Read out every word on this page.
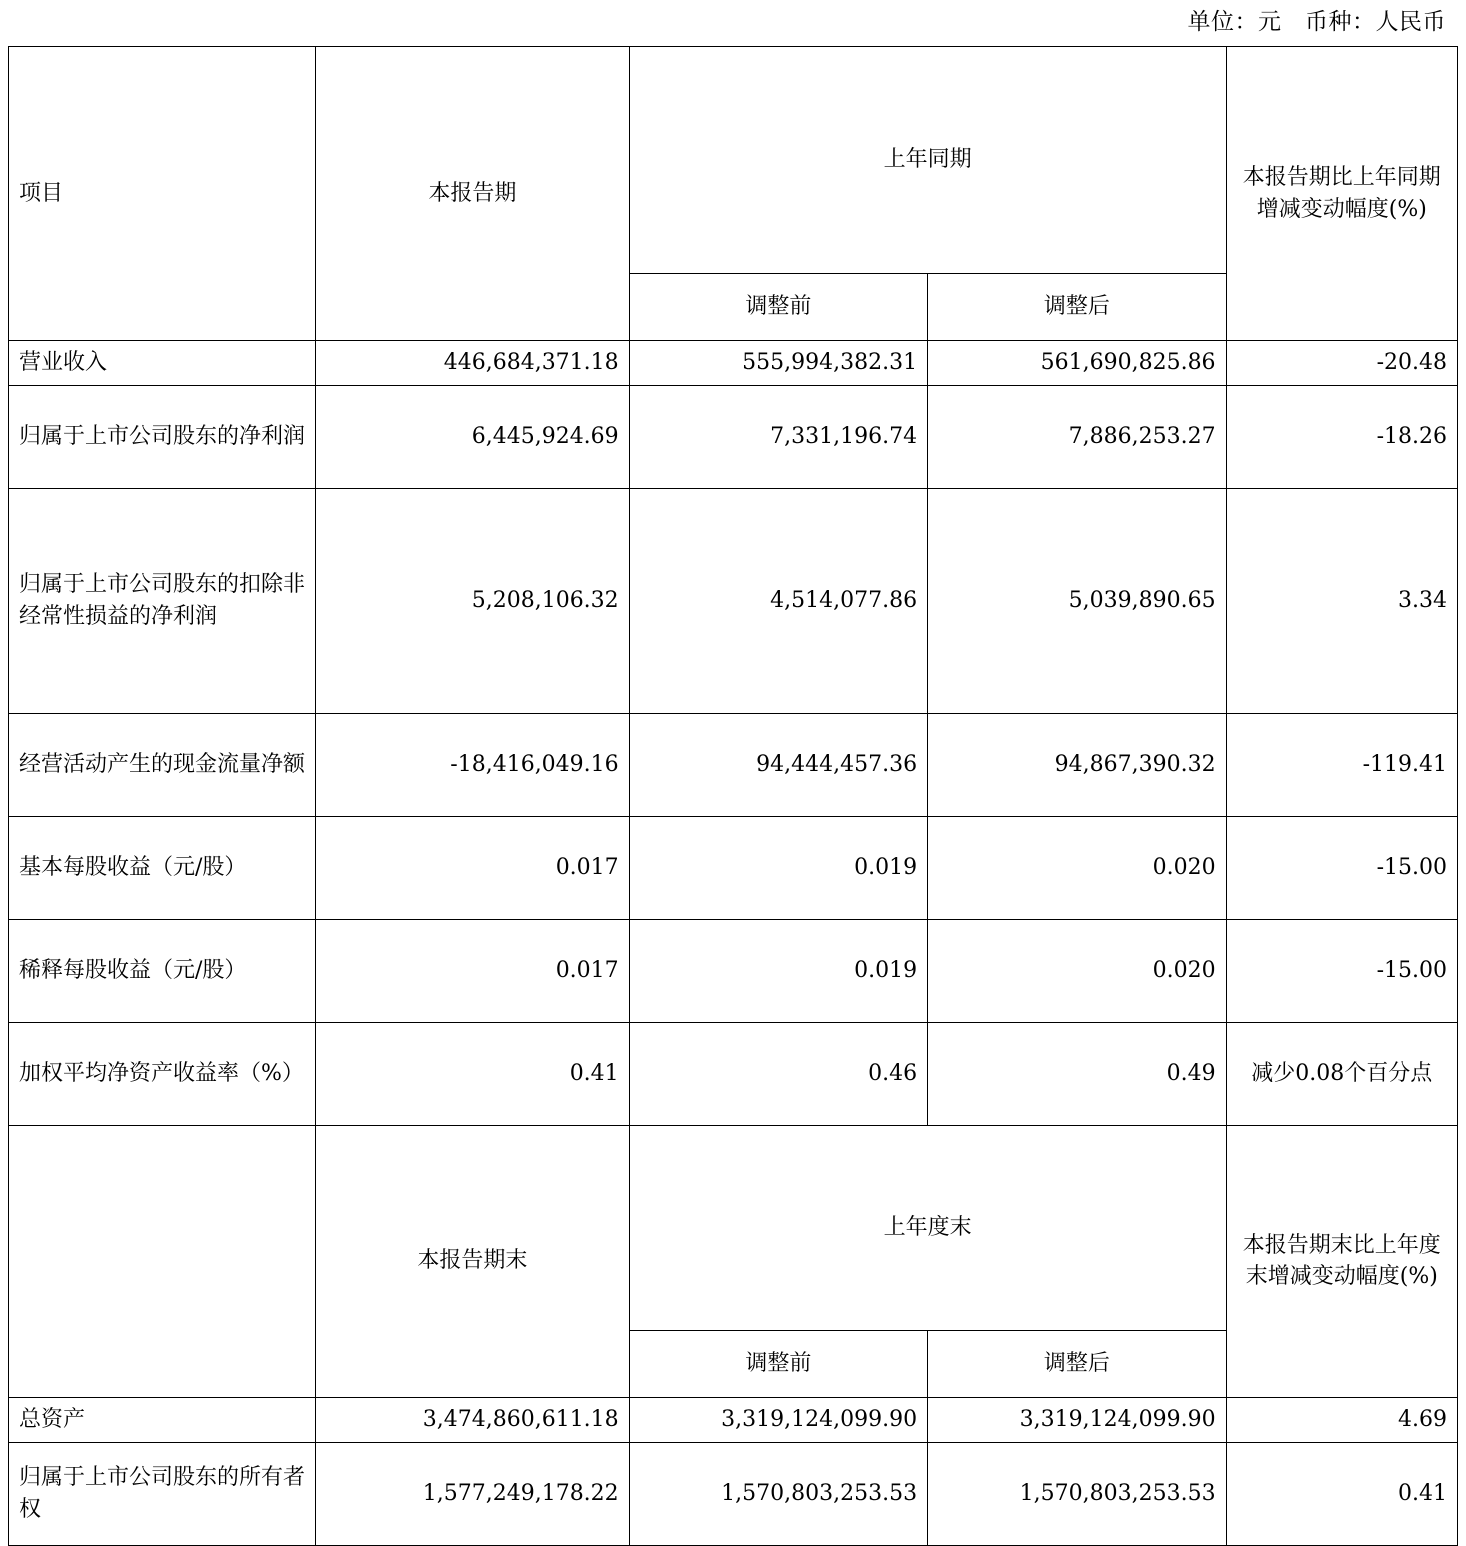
单位：元　币种：人民币
项目	本报告期	上年同期		本报告期比上年同期增减变动幅度(%)
		调整前	调整后	
营业收入	446,684,371.18	555,994,382.31	561,690,825.86	-20.48
归属于上市公司股东的净利润	6,445,924.69	7,331,196.74	7,886,253.27	-18.26
归属于上市公司股东的扣除非经常性损益的净利润	5,208,106.32	4,514,077.86	5,039,890.65	3.34
经营活动产生的现金流量净额	-18,416,049.16	94,444,457.36	94,867,390.32	-119.41
基本每股收益（元/股）	0.017	0.019	0.020	-15.00
稀释每股收益（元/股）	0.017	0.019	0.020	-15.00
加权平均净资产收益率（%）	0.41	0.46	0.49	减少0.08个百分点
	本报告期末	上年度末		本报告期末比上年度末增减变动幅度(%)
		调整前	调整后	
总资产	3,474,860,611.18	3,319,124,099.90	3,319,124,099.90	4.69
归属于上市公司股东的所有者权	1,577,249,178.22	1,570,803,253.53	1,570,803,253.53	0.41
